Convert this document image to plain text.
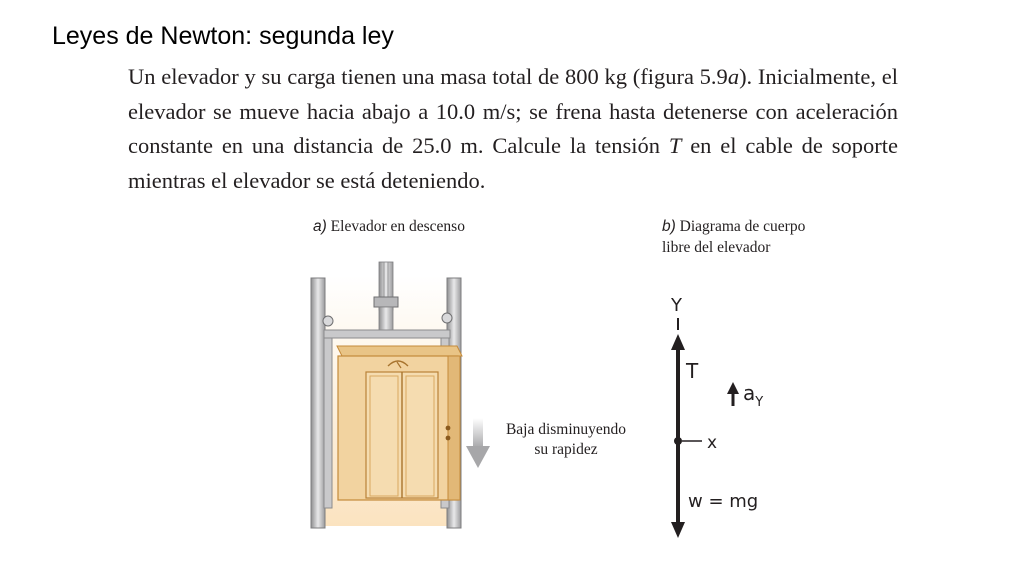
Leyes de Newton: segunda ley
Un elevador y su carga tienen una masa total de 800 kg (figura 5.9a). Inicialmente, el elevador se mueve hacia abajo a 10.0 m/s; se frena hasta detenerse con aceleración constante en una distancia de 25.0 m. Calcule la tensión T en el cable de soporte mientras el elevador se está deteniendo.
a) Elevador en descenso	b) Diagrama de cuerpo
libre del elevador
Baja disminuyendo
su rapidez
Y
x
T
$a_Y$
w = mg
